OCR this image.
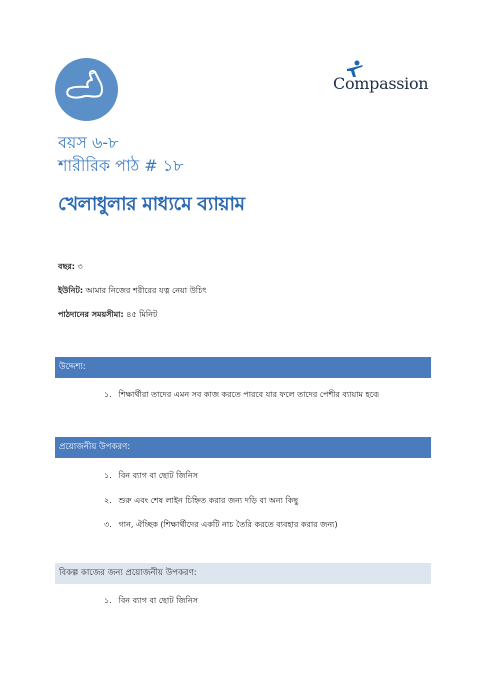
Compassion
বয়স ৬-৮
শারীরিক পাঠ # ১৮
খেলাধুলার মাধ্যমে ব্যায়াম
বছর: ৩
ইউনিট: আমার নিজের শরীরের যত্ন নেয়া উচিৎ
পাঠদানের সময়সীমা: ৪৫ মিনিট
উদ্দেশ্য:
১. শিক্ষার্থীরা তাদের এমন সব কাজ করতে পারবে যার ফলে তাদের পেশীর ব্যায়াম হবে৷
প্রয়োজনীয় উপকরণ:
১. বিন ব্যাগ বা ছোট জিনিস
২. শুরু এবং শেষ লাইন চিহ্নিত করার জন্য দড়ি বা অন্য কিছু
৩. গান, ঐচ্ছিক (শিক্ষার্থীদের একটি নাচ তৈরি করতে ব্যবহার করার জন্য)
বিকল্প কাজের জন্য প্রয়োজনীয় উপকরণ:
১. বিন ব্যাগ বা ছোট জিনিস
